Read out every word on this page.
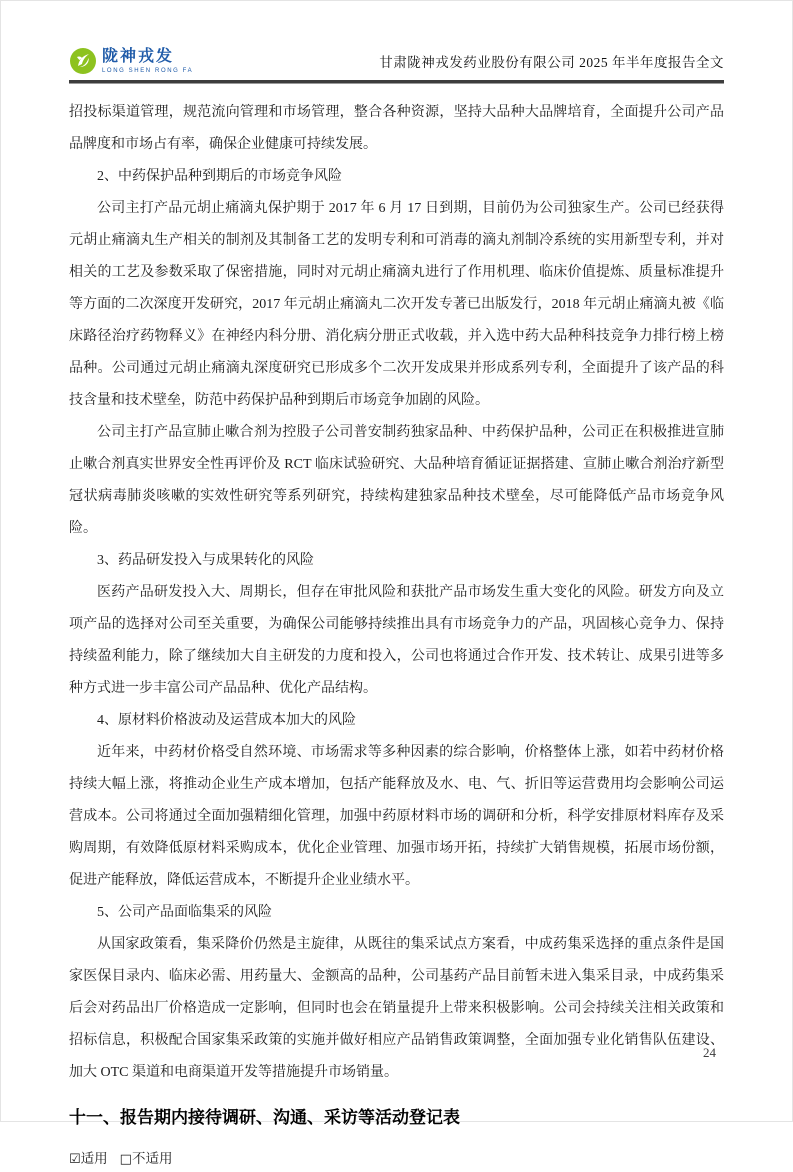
陇神戎发
LONG SHEN RONG FA
甘肃陇神戎发药业股份有限公司 2025 年半年度报告全文

招投标渠道管理，规范流向管理和市场管理，整合各种资源，坚持大品种大品牌培育，全面提升公司产品品牌度和市场占有率，确保企业健康可持续发展。

2、中药保护品种到期后的市场竞争风险

公司主打产品元胡止痛滴丸保护期于 2017 年 6 月 17 日到期，目前仍为公司独家生产。公司已经获得元胡止痛滴丸生产相关的制剂及其制备工艺的发明专利和可消毒的滴丸剂制冷系统的实用新型专利，并对相关的工艺及参数采取了保密措施，同时对元胡止痛滴丸进行了作用机理、临床价值提炼、质量标准提升等方面的二次深度开发研究，2017 年元胡止痛滴丸二次开发专著已出版发行，2018 年元胡止痛滴丸被《临床路径治疗药物释义》在神经内科分册、消化病分册正式收载，并入选中药大品种科技竞争力排行榜上榜品种。公司通过元胡止痛滴丸深度研究已形成多个二次开发成果并形成系列专利，全面提升了该产品的科技含量和技术壁垒，防范中药保护品种到期后市场竞争加剧的风险。

公司主打产品宣肺止嗽合剂为控股子公司普安制药独家品种、中药保护品种，公司正在积极推进宣肺止嗽合剂真实世界安全性再评价及 RCT 临床试验研究、大品种培育循证证据搭建、宣肺止嗽合剂治疗新型冠状病毒肺炎咳嗽的实效性研究等系列研究，持续构建独家品种技术壁垒，尽可能降低产品市场竞争风险。

3、药品研发投入与成果转化的风险

医药产品研发投入大、周期长，但存在审批风险和获批产品市场发生重大变化的风险。研发方向及立项产品的选择对公司至关重要，为确保公司能够持续推出具有市场竞争力的产品，巩固核心竞争力、保持持续盈利能力，除了继续加大自主研发的力度和投入，公司也将通过合作开发、技术转让、成果引进等多种方式进一步丰富公司产品品种、优化产品结构。

4、原材料价格波动及运营成本加大的风险

近年来，中药材价格受自然环境、市场需求等多种因素的综合影响，价格整体上涨，如若中药材价格持续大幅上涨，将推动企业生产成本增加，包括产能释放及水、电、气、折旧等运营费用均会影响公司运营成本。公司将通过全面加强精细化管理，加强中药原材料市场的调研和分析，科学安排原材料库存及采购周期，有效降低原材料采购成本，优化企业管理、加强市场开拓，持续扩大销售规模，拓展市场份额，促进产能释放，降低运营成本，不断提升企业业绩水平。

5、公司产品面临集采的风险

从国家政策看，集采降价仍然是主旋律，从既往的集采试点方案看，中成药集采选择的重点条件是国家医保目录内、临床必需、用药量大、金额高的品种，公司基药产品目前暂未进入集采目录，中成药集采后会对药品出厂价格造成一定影响，但同时也会在销量提升上带来积极影响。公司会持续关注相关政策和招标信息，积极配合国家集采政策的实施并做好相应产品销售政策调整，全面加强专业化销售队伍建设、加大 OTC 渠道和电商渠道开发等措施提升市场销量。

十一、报告期内接待调研、沟通、采访等活动登记表

☑适用 □不适用

24
